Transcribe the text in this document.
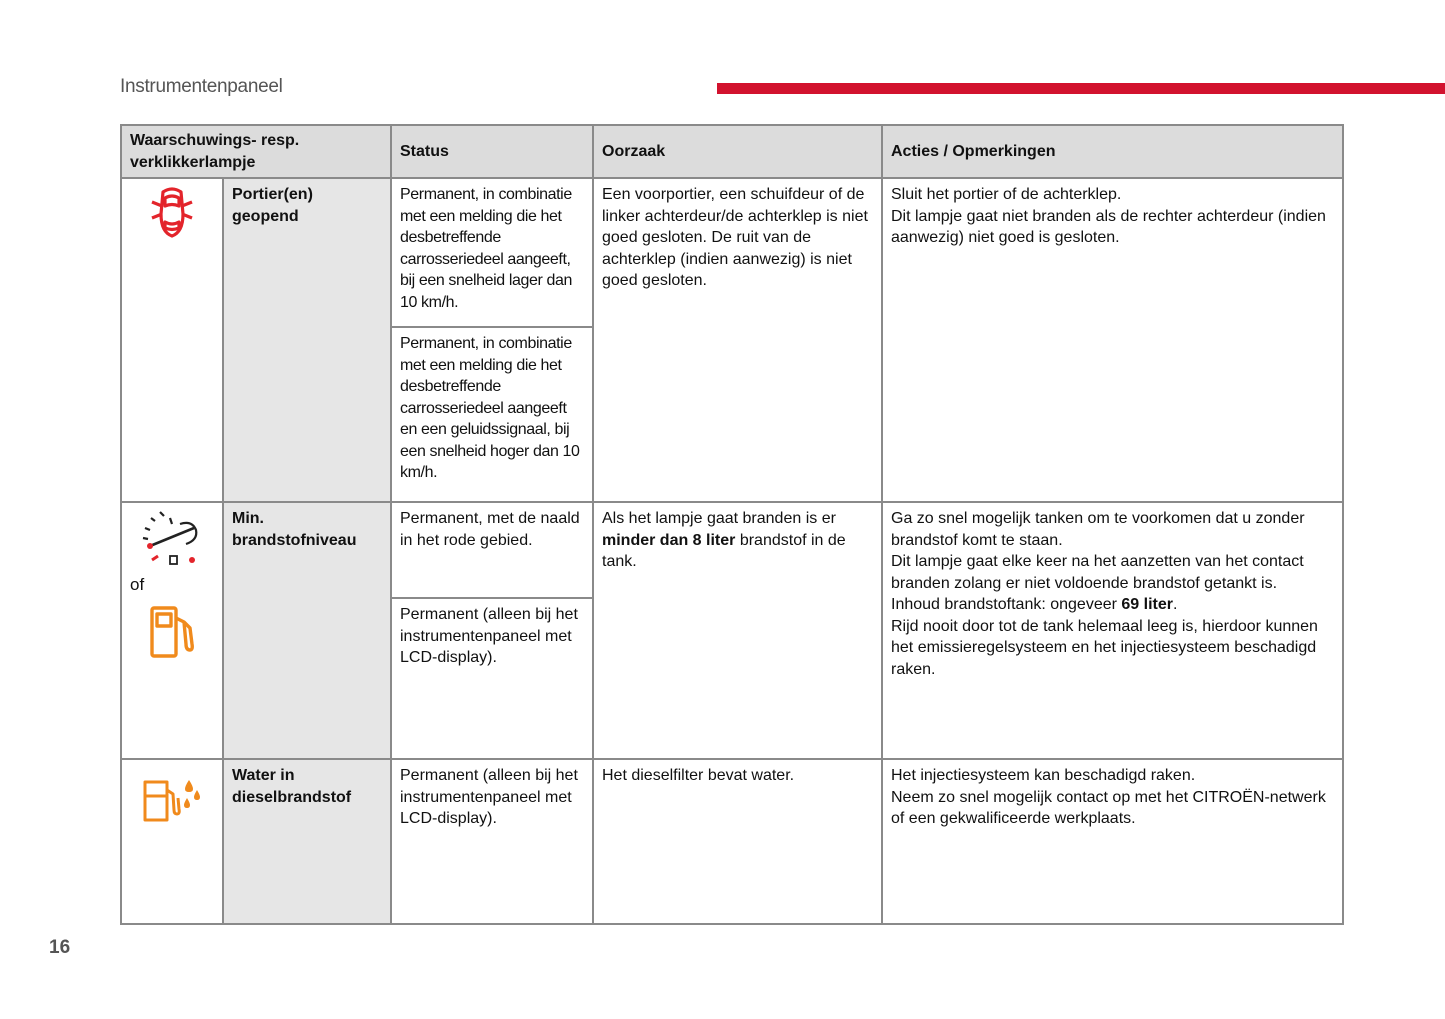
Instrumentenpaneel
Waarschuwings- resp. verklikkerlampje		Status	Oorzaak	Acties / Opmerkingen

	Portier(en) geopend	Permanent, in combinatie met een melding die het desbetreffende carrosseriedeel aangeeft, bij een snelheid lager dan 10 km/h.	Een voorportier, een schuifdeur of de linker achterdeur/de achterklep is niet goed gesloten. De ruit van de achterklep (indien aanwezig) is niet goed gesloten.	Sluit het portier of de achterklep.
Dit lampje gaat niet branden als de rechter achterdeur (indien aanwezig) niet goed is gesloten.

		Permanent, in combinatie met een melding die het desbetreffende carrosseriedeel aangeeft en een geluidssignaal, bij een snelheid hoger dan 10 km/h.		

of	Min. brandstofniveau	Permanent, met de naald in het rode gebied.	Als het lampje gaat branden is er minder dan 8 liter brandstof in de tank.	Ga zo snel mogelijk tanken om te voorkomen dat u zonder brandstof komt te staan.
Dit lampje gaat elke keer na het aanzetten van het contact branden zolang er niet voldoende brandstof getankt is.
Inhoud brandstoftank: ongeveer 69 liter.
Rijd nooit door tot de tank helemaal leeg is, hierdoor kunnen het emissieregelsysteem en het injectiesysteem beschadigd raken.

		Permanent (alleen bij het instrumentenpaneel met LCD-display).		

	Water in dieselbrandstof	Permanent (alleen bij het instrumentenpaneel met LCD-display).	Het dieselfilter bevat water.	Het injectiesysteem kan beschadigd raken.
Neem zo snel mogelijk contact op met het CITROËN-netwerk of een gekwalificeerde werkplaats.
16
